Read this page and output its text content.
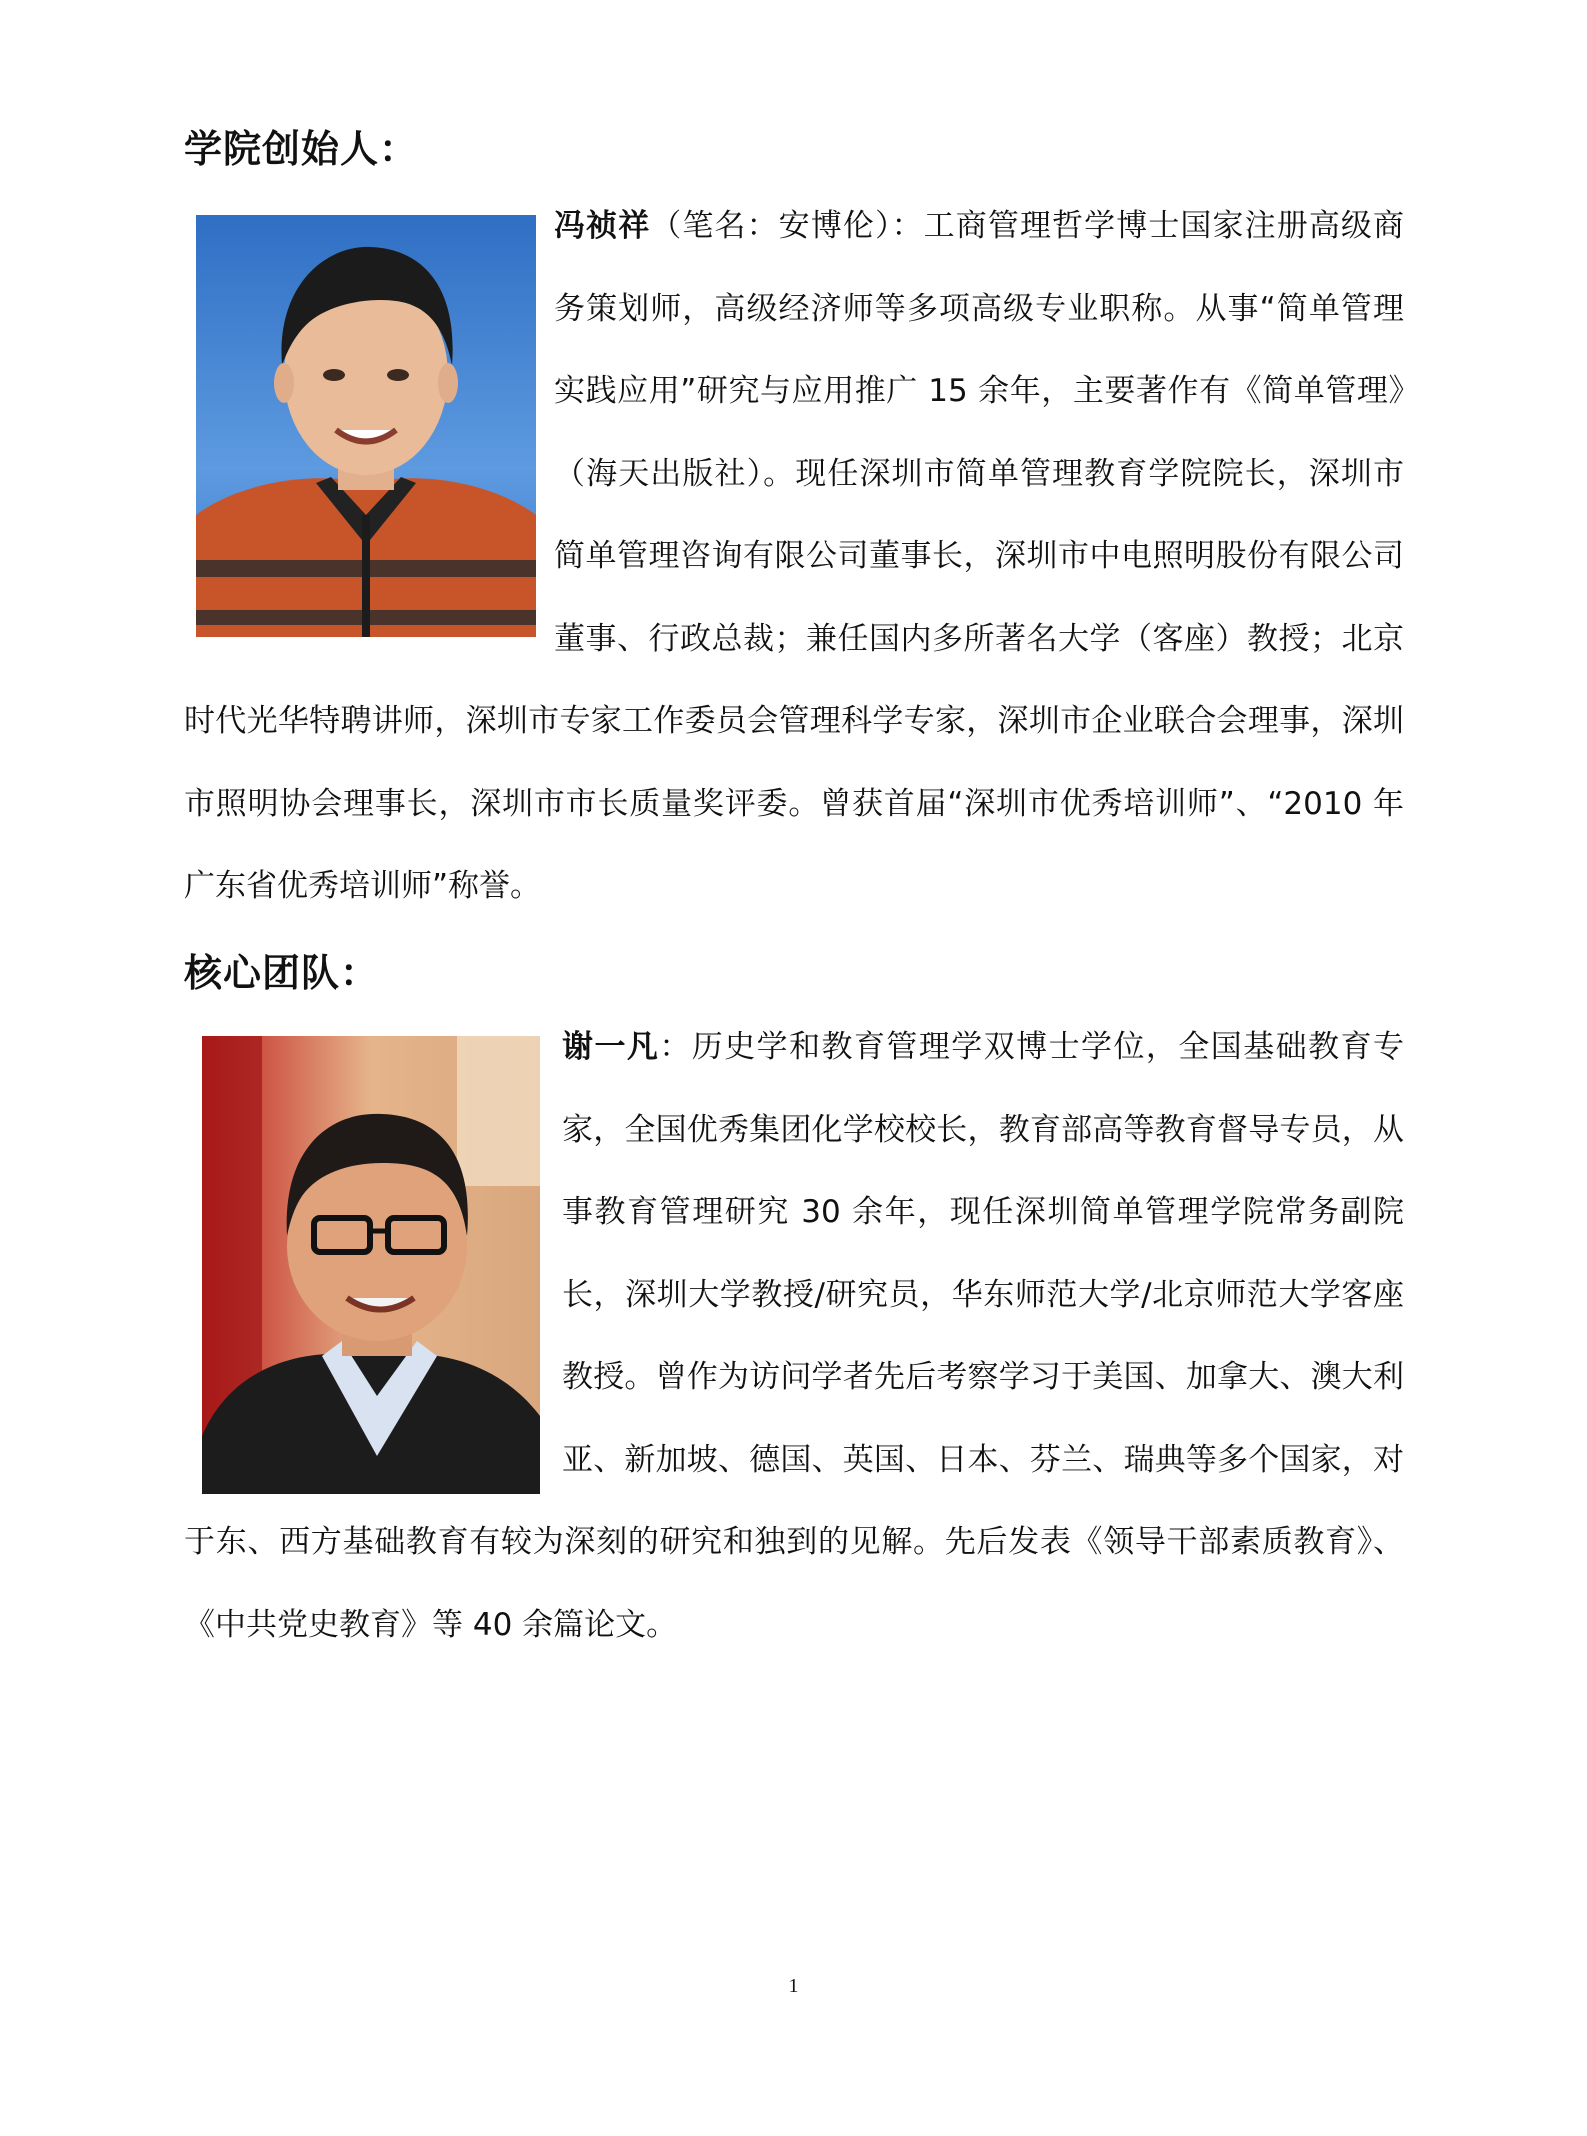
学院创始人：

冯祯祥（笔名：安博伦）：工商管理哲学博士国家注册高级商务策划师，高级经济师等多项高级专业职称。从事“简单管理实践应用”研究与应用推广 15 余年，主要著作有《简单管理》（海天出版社）。现任深圳市简单管理教育学院院长，深圳市简单管理咨询有限公司董事长，深圳市中电照明股份有限公司董事、行政总裁；兼任国内多所著名大学（客座）教授；北京时代光华特聘讲师，深圳市专家工作委员会管理科学专家，深圳市企业联合会理事，深圳市照明协会理事长，深圳市市长质量奖评委。曾获首届“深圳市优秀培训师”、“2010 年广东省优秀培训师”称誉。

核心团队：

谢一凡：历史学和教育管理学双博士学位，全国基础教育专家，全国优秀集团化学校校长，教育部高等教育督导专员，从事教育管理研究 30 余年，现任深圳简单管理学院常务副院长，深圳大学教授/研究员，华东师范大学/北京师范大学客座教授。曾作为访问学者先后考察学习于美国、加拿大、澳大利亚、新加坡、德国、英国、日本、芬兰、瑞典等多个国家，对于东、西方基础教育有较为深刻的研究和独到的见解。先后发表《领导干部素质教育》、《中共党史教育》等 40 余篇论文。

1
